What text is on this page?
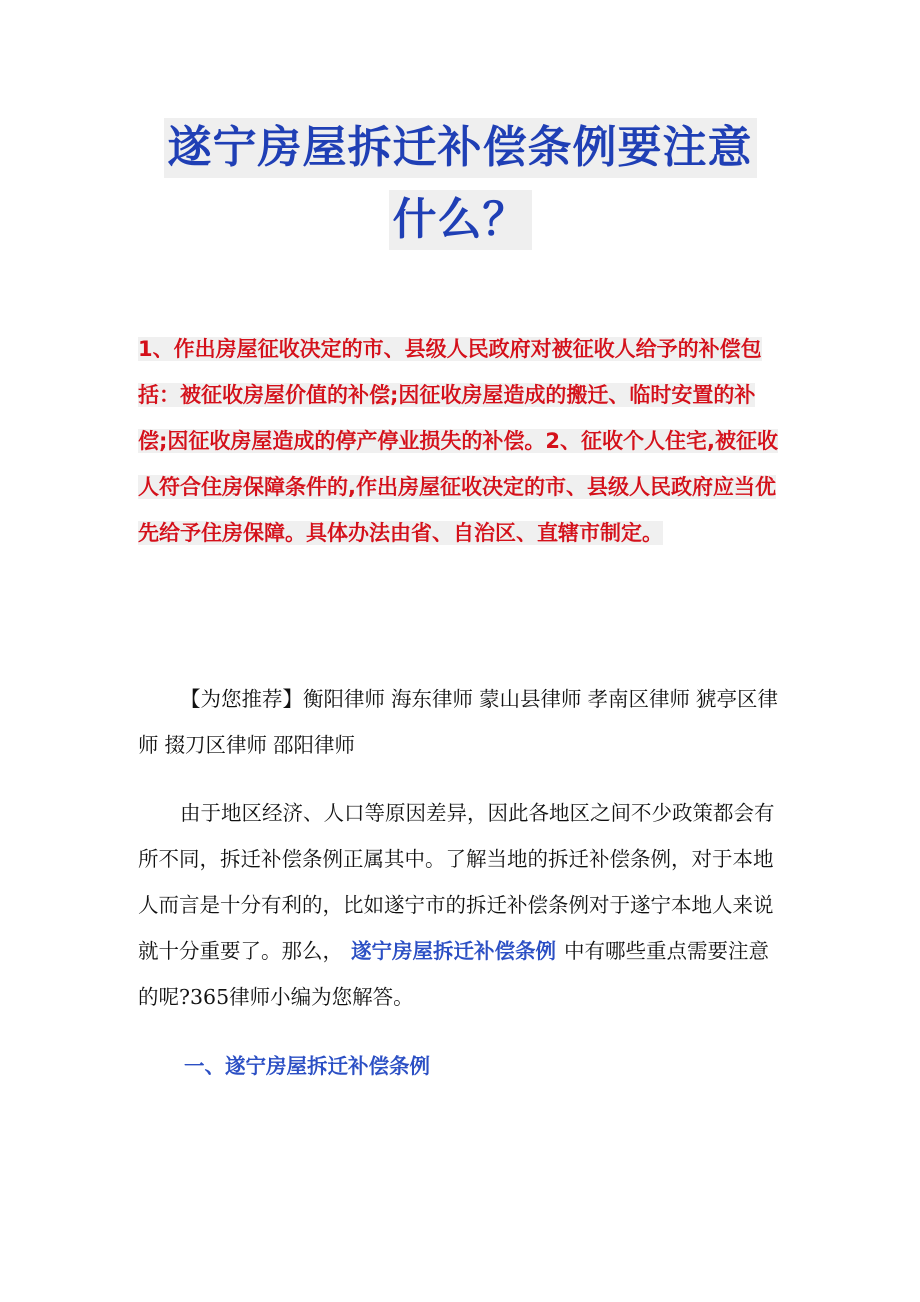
遂宁房屋拆迁补偿条例要注意
什么？
1、作出房屋征收决定的市、县级人民政府对被征收人给予的补偿包括：被征收房屋价值的补偿;因征收房屋造成的搬迁、临时安置的补偿;因征收房屋造成的停产停业损失的补偿。2、征收个人住宅,被征收人符合住房保障条件的,作出房屋征收决定的市、县级人民政府应当优先给予住房保障。具体办法由省、自治区、直辖市制定。
【为您推荐】衡阳律师 海东律师 蒙山县律师 孝南区律师 猇亭区律师 掇刀区律师 邵阳律师
由于地区经济、人口等原因差异，因此各地区之间不少政策都会有所不同，拆迁补偿条例正属其中。了解当地的拆迁补偿条例，对于本地人而言是十分有利的，比如遂宁市的拆迁补偿条例对于遂宁本地人来说就十分重要了。那么， 遂宁房屋拆迁补偿条例 中有哪些重点需要注意的呢?365律师小编为您解答。
一、遂宁房屋拆迁补偿条例
